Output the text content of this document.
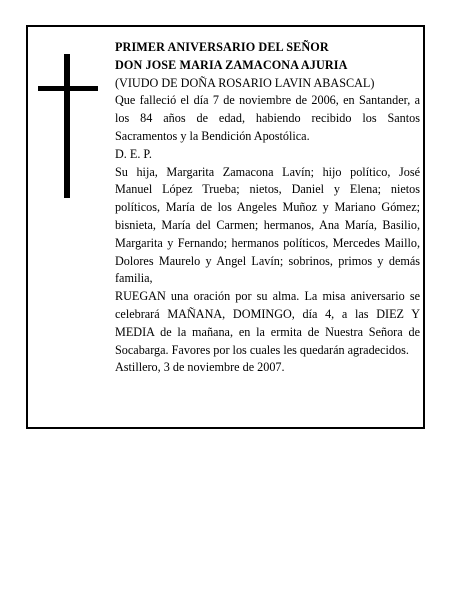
PRIMER ANIVERSARIO DEL SEÑOR

DON JOSE MARIA ZAMACONA AJURIA

(VIUDO DE DOÑA ROSARIO LAVIN ABASCAL)

Que falleció el día 7 de noviembre de 2006, en Santander, a los 84 años de edad, habiendo recibido los Santos Sacramentos y la Bendición Apostólica.

D. E. P.

Su hija, Margarita Zamacona Lavín; hijo político, José Manuel López Trueba; nietos, Daniel y Elena; nietos políticos, María de los Angeles Muñoz y Mariano Gómez; bisnieta, María del Carmen; hermanos, Ana María, Basilio, Margarita y Fernando; hermanos políticos, Mercedes Maillo, Dolores Maurelo y Angel Lavín; sobrinos, primos y demás familia,

RUEGAN una oración por su alma. La misa aniversario se celebrará MAÑANA, DOMINGO, día 4, a las DIEZ Y MEDIA de la mañana, en la ermita de Nuestra Señora de Socabarga. Favores por los cuales les quedarán agradecidos.

Astillero, 3 de noviembre de 2007.
